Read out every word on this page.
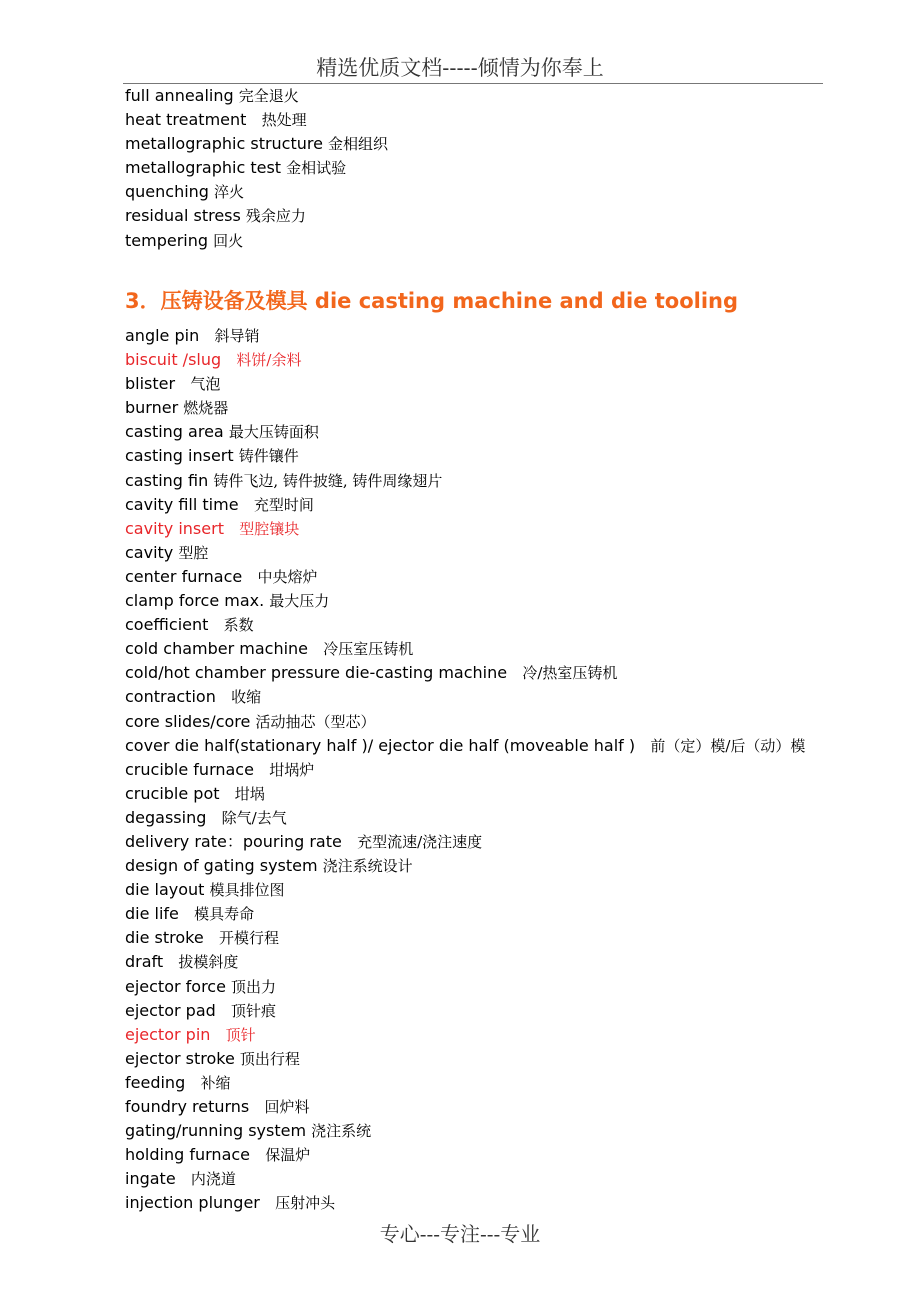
精选优质文档-----倾情为你奉上
full annealing 完全退火
heat treatment   热处理
metallographic structure 金相组织
metallographic test 金相试验
quenching 淬火
residual stress 残余应力
tempering 回火
3．压铸设备及模具 die casting machine and die tooling
angle pin   斜导销
biscuit /slug   料饼/余料
blister   气泡
burner 燃烧器
casting area 最大压铸面积
casting insert 铸件镶件
casting fin 铸件飞边, 铸件披缝, 铸件周缘翅片
cavity fill time   充型时间
cavity insert   型腔镶块
cavity 型腔
center furnace   中央熔炉
clamp force max. 最大压力
coefficient   系数
cold chamber machine   冷压室压铸机
cold/hot chamber pressure die-casting machine   冷/热室压铸机
contraction   收缩
core slides/core 活动抽芯（型芯）
cover die half(stationary half )/ ejector die half (moveable half )   前（定）模/后（动）模
crucible furnace   坩埚炉
crucible pot   坩埚
degassing   除气/去气
delivery rate：pouring rate   充型流速/浇注速度
design of gating system 浇注系统设计
die layout 模具排位图
die life   模具寿命
die stroke   开模行程
draft   拔模斜度
ejector force 顶出力
ejector pad   顶针痕
ejector pin   顶针
ejector stroke 顶出行程
feeding   补缩
foundry returns   回炉料
gating/running system 浇注系统
holding furnace   保温炉
ingate   内浇道
injection plunger   压射冲头
专心---专注---专业
